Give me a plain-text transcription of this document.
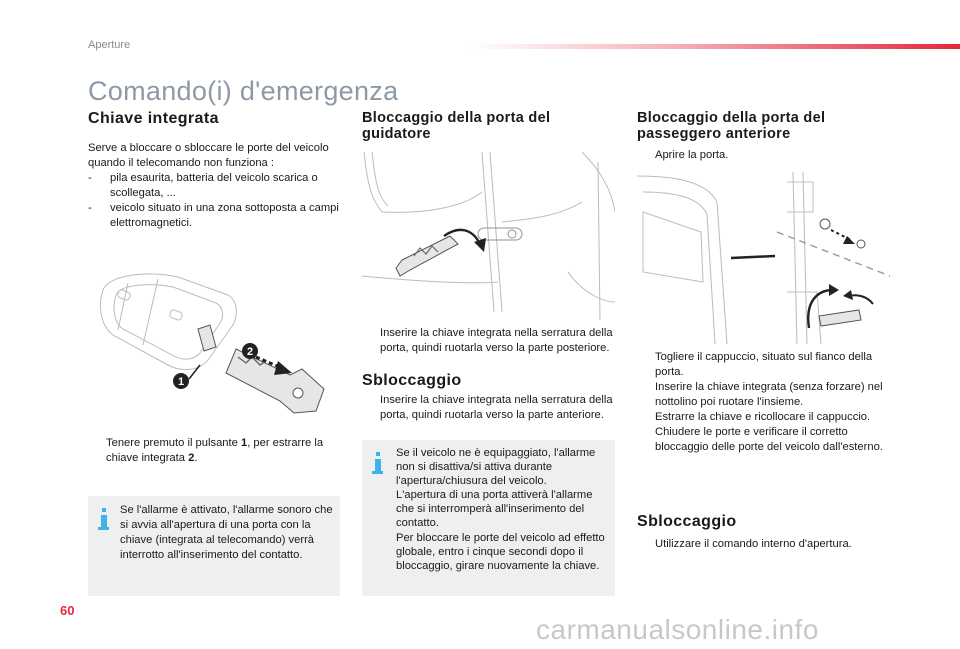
Aperture
Comando(i) d'emergenza
Chiave integrata
Serve a bloccare o sbloccare le porte del veicolo quando il telecomando non funziona :
-	pila esaurita, batteria del veicolo scarica o scollegata, ...
-	veicolo situato in una zona sottoposta a campi elettromagnetici.
2
1
Tenere premuto il pulsante 1, per estrarre la chiave integrata 2.
Se l'allarme è attivato, l'allarme sonoro che si avvia all'apertura di una porta con la chiave (integrata al telecomando) verrà interrotto all'inserimento del contatto.
Bloccaggio della porta del guidatore
Inserire la chiave integrata nella serratura della porta, quindi ruotarla verso la parte posteriore.
Sbloccaggio
Inserire la chiave integrata nella serratura della porta, quindi ruotarla verso la parte anteriore.
Se il veicolo ne è equipaggiato, l'allarme non si disattiva/si attiva durante l'apertura/chiusura del veicolo.
L'apertura di una porta attiverà l'allarme che si interromperà all'inserimento del contatto.
Per bloccare le porte del veicolo ad effetto globale, entro i cinque secondi dopo il bloccaggio, girare nuovamente la chiave.
Bloccaggio della porta del passeggero anteriore
Aprire la porta.
Togliere il cappuccio, situato sul fianco della porta.
Inserire la chiave integrata (senza forzare) nel nottolino poi ruotare l'insieme.
Estrarre la chiave e ricollocare il cappuccio.
Chiudere le porte e verificare il corretto bloccaggio delle porte del veicolo dall'esterno.
Sbloccaggio
Utilizzare il comando interno d'apertura.
60
carmanualsonline.info
